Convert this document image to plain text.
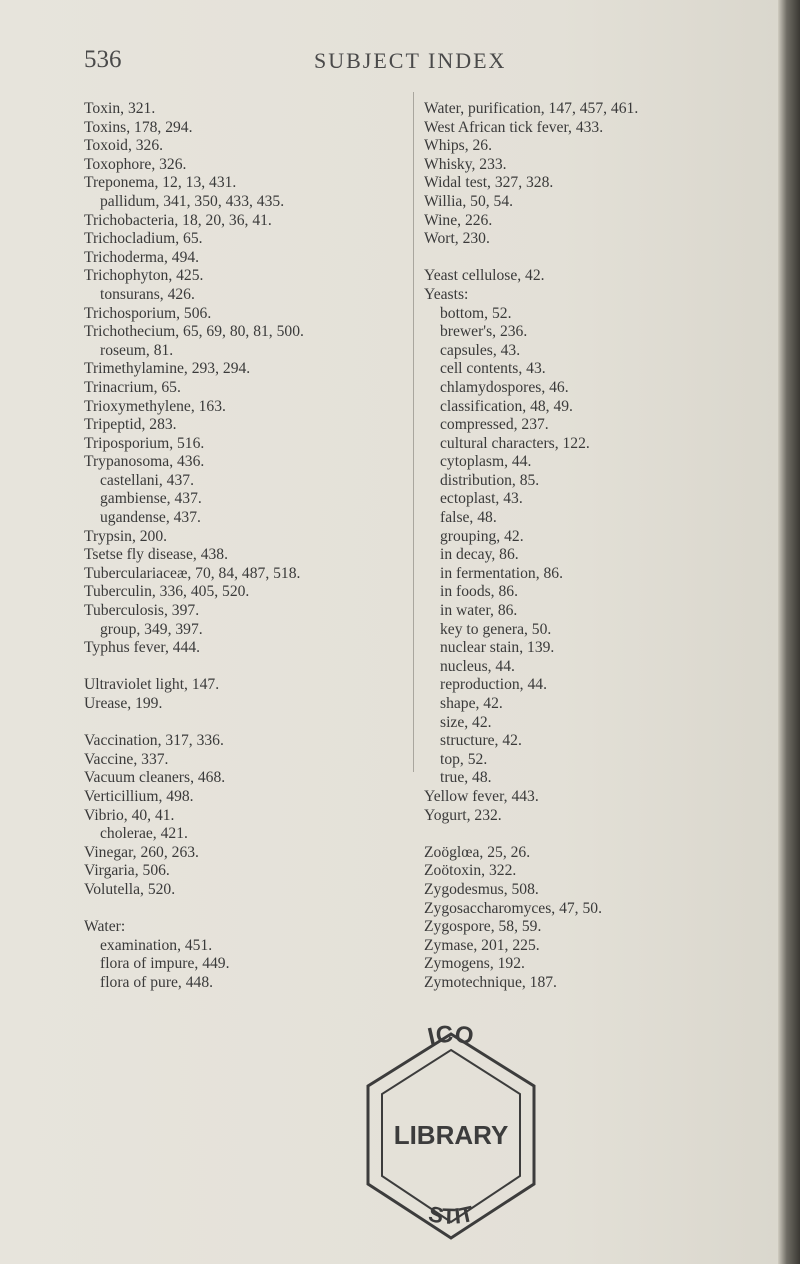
536	SUBJECT INDEX
Toxin, 321.
Toxins, 178, 294.
Toxoid, 326.
Toxophore, 326.
Treponema, 12, 13, 431.
pallidum, 341, 350, 433, 435.
Trichobacteria, 18, 20, 36, 41.
Trichocladium, 65.
Trichoderma, 494.
Trichophyton, 425.
tonsurans, 426.
Trichosporium, 506.
Trichothecium, 65, 69, 80, 81, 500.
roseum, 81.
Trimethylamine, 293, 294.
Trinacrium, 65.
Trioxymethylene, 163.
Tripeptid, 283.
Triposporium, 516.
Trypanosoma, 436.
castellani, 437.
gambiense, 437.
ugandense, 437.
Trypsin, 200.
Tsetse fly disease, 438.
Tuberculariaceæ, 70, 84, 487, 518.
Tuberculin, 336, 405, 520.
Tuberculosis, 397.
group, 349, 397.
Typhus fever, 444.
Ultraviolet light, 147.
Urease, 199.
Vaccination, 317, 336.
Vaccine, 337.
Vacuum cleaners, 468.
Verticillium, 498.
Vibrio, 40, 41.
cholerae, 421.
Vinegar, 260, 263.
Virgaria, 506.
Volutella, 520.
Water:
examination, 451.
flora of impure, 449.
flora of pure, 448.
Water, purification, 147, 457, 461.
West African tick fever, 433.
Whips, 26.
Whisky, 233.
Widal test, 327, 328.
Willia, 50, 54.
Wine, 226.
Wort, 230.
Yeast cellulose, 42.
Yeasts:
bottom, 52.
brewer's, 236.
capsules, 43.
cell contents, 43.
chlamydospores, 46.
classification, 48, 49.
compressed, 237.
cultural characters, 122.
cytoplasm, 44.
distribution, 85.
ectoplast, 43.
false, 48.
grouping, 42.
in decay, 86.
in fermentation, 86.
in foods, 86.
in water, 86.
key to genera, 50.
nuclear stain, 139.
nucleus, 44.
reproduction, 44.
shape, 42.
size, 42.
structure, 42.
top, 52.
true, 48.
Yellow fever, 443.
Yogurt, 232.
Zoöglœa, 25, 26.
Zoötoxin, 322.
Zygodesmus, 508.
Zygosaccharomyces, 47, 50.
Zygospore, 58, 59.
Zymase, 201, 225.
Zymogens, 192.
Zymotechnique, 187.
ICO
LIBRARY
STIT
